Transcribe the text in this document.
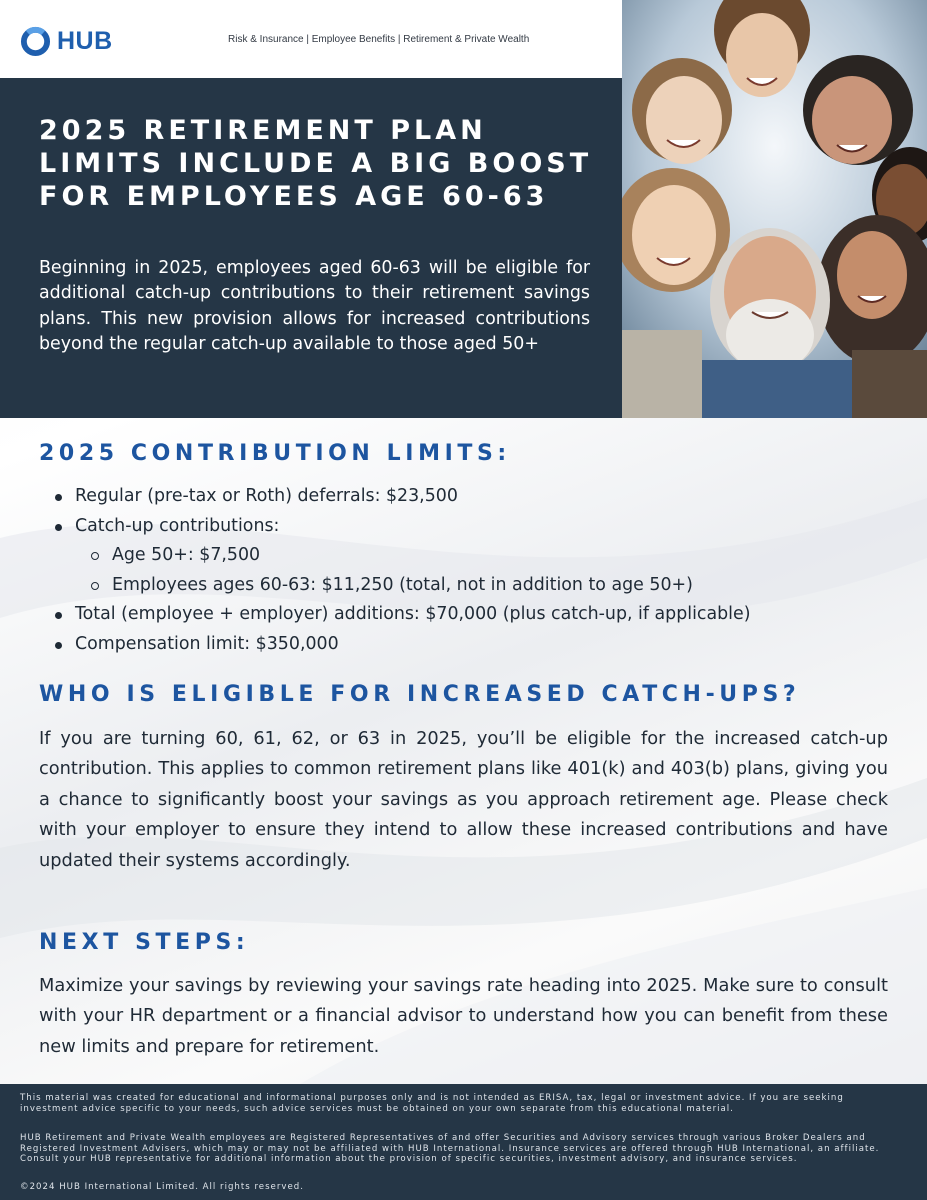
HUB	Risk & Insurance | Employee Benefits | Retirement & Private Wealth
2025 RETIREMENT PLAN LIMITS INCLUDE A BIG BOOST FOR EMPLOYEES AGE 60-63

Beginning in 2025, employees aged 60-63 will be eligible for additional catch-up contributions to their retirement savings plans. This new provision allows for increased contributions beyond the regular catch-up available to those aged 50+

2025 CONTRIBUTION LIMITS:
Regular (pre-tax or Roth) deferrals: $23,500
Catch-up contributions:
Age 50+: $7,500
Employees ages 60-63: $11,250 (total, not in addition to age 50+)
Total (employee + employer) additions: $70,000 (plus catch-up, if applicable)
Compensation limit: $350,000
WHO IS ELIGIBLE FOR INCREASED CATCH-UPS?

If you are turning 60, 61, 62, or 63 in 2025, you’ll be eligible for the increased catch-up contribution. This applies to common retirement plans like 401(k) and 403(b) plans, giving you a chance to significantly boost your savings as you approach retirement age. Please check with your employer to ensure they intend to allow these increased contributions and have updated their systems accordingly.

NEXT STEPS:

Maximize your savings by reviewing your savings rate heading into 2025. Make sure to consult with your HR department or a financial advisor to understand how you can benefit from these new limits and prepare for retirement.

This material was created for educational and informational purposes only and is not intended as ERISA, tax, legal or investment advice. If you are seeking investment advice specific to your needs, such advice services must be obtained on your own separate from this educational material.

HUB Retirement and Private Wealth employees are Registered Representatives of and offer Securities and Advisory services through various Broker Dealers and Registered Investment Advisers, which may or may not be affiliated with HUB International. Insurance services are offered through HUB International, an affiliate. Consult your HUB representative for additional information about the provision of specific securities, investment advisory, and insurance services.

©2024 HUB International Limited. All rights reserved.
